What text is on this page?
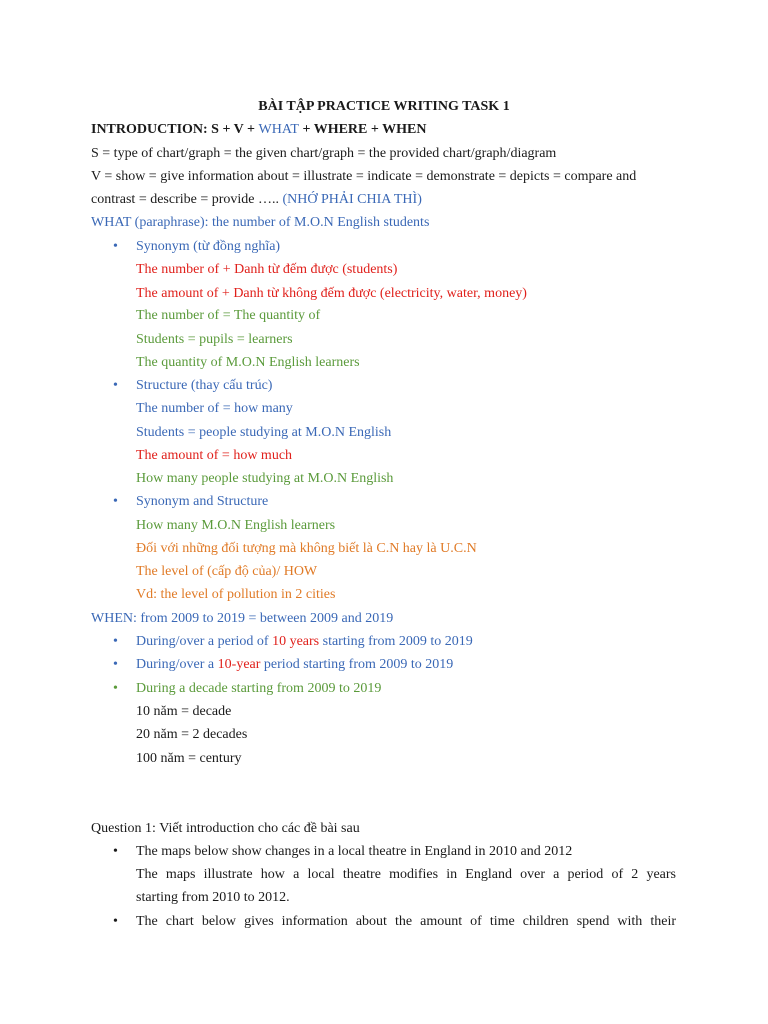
BÀI TẬP PRACTICE WRITING TASK 1
INTRODUCTION: S + V + WHAT + WHERE + WHEN
S = type of chart/graph = the given chart/graph = the provided chart/graph/diagram
V = show = give information about = illustrate = indicate = demonstrate = depicts = compare and
contrast = describe = provide ….. (NHỚ PHẢI CHIA THÌ)
WHAT (paraphrase): the number of M.O.N English students
• Synonym (từ đồng nghĩa)
The number of + Danh từ đếm được (students)
The amount of + Danh từ không đếm được (electricity, water, money)
The number of = The quantity of
Students = pupils = learners
The quantity of M.O.N English learners
• Structure (thay cấu trúc)
The number of = how many
Students = people studying at M.O.N English
The amount of = how much
How many people studying at M.O.N English
• Synonym and Structure
How many M.O.N English learners
Đối với những đối tượng mà không biết là C.N hay là U.C.N
The level of (cấp độ của)/ HOW
Vd: the level of pollution in 2 cities
WHEN: from 2009 to 2019 = between 2009 and 2019
• During/over a period of 10 years starting from 2009 to 2019
• During/over a 10-year period starting from 2009 to 2019
• During a decade starting from 2009 to 2019
10 năm = decade
20 năm = 2 decades
100 năm = century
Question 1: Viết introduction cho các đề bài sau
• The maps below show changes in a local theatre in England in 2010 and 2012
The maps illustrate how a local theatre modifies in England over a period of 2 years
starting from 2010 to 2012.
• The chart below gives information about the amount of time children spend with their
